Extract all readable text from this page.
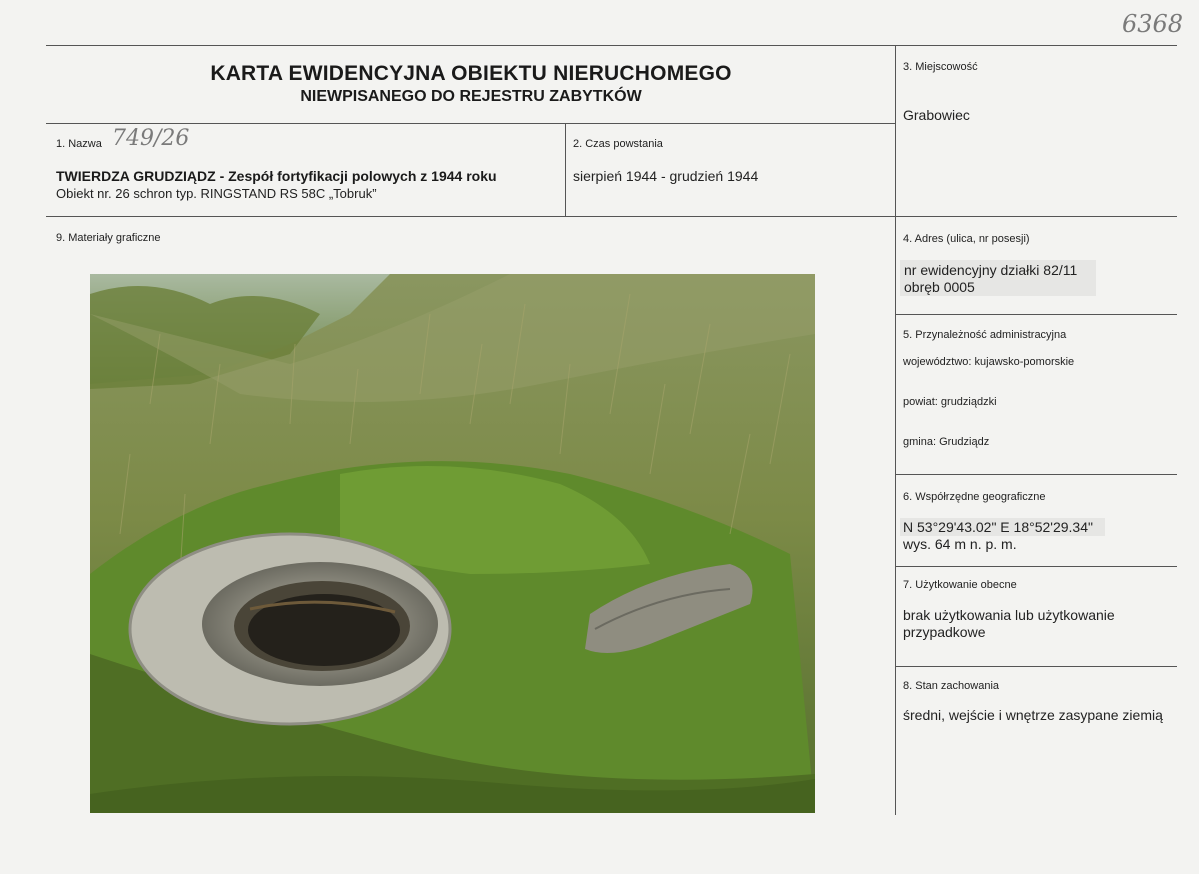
6368
KARTA EWIDENCYJNA OBIEKTU NIERUCHOMEGO
NIEWPISANEGO DO REJESTRU ZABYTKÓW
1. Nazwa 749/26
TWIERDZA GRUDZIĄDZ - Zespół fortyfikacji polowych z 1944 roku
Obiekt nr. 26 schron typ. RINGSTAND RS 58C „Tobruk”
2. Czas powstania
sierpień 1944 - grudzień 1944
3. Miejscowość
Grabowiec
9. Materiały graficzne	4. Adres (ulica, nr posesji)
nr ewidencyjny działki 82/11
obręb 0005
5. Przynależność administracyjna
województwo: kujawsko-pomorskie
powiat: grudziądzki
gmina: Grudziądz
6. Współrzędne geograficzne
N 53°29'43.02" E 18°52'29.34"
wys. 64 m n. p. m.
7. Użytkowanie obecne
brak użytkowania lub użytkowanie
przypadkowe
8. Stan zachowania
średni, wejście i wnętrze zasypane ziemią
